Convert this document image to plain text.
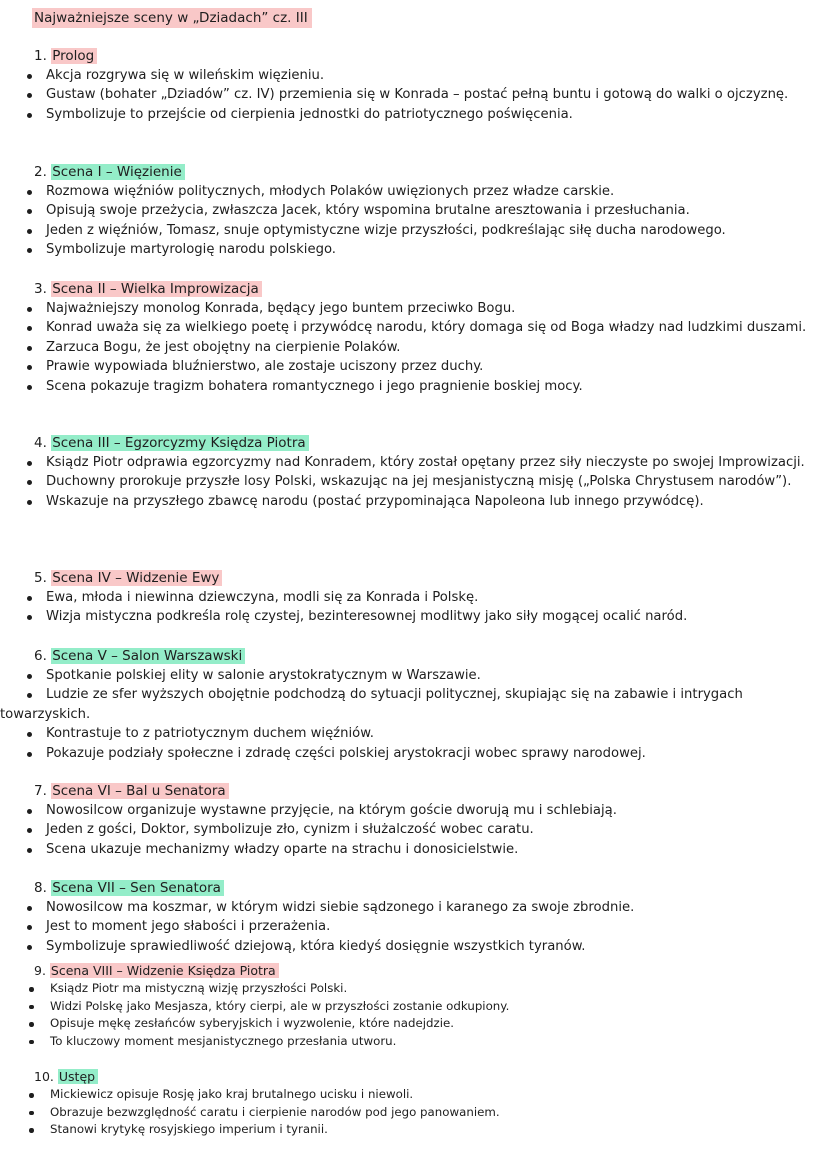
Najważniejsze sceny w „Dziadach” cz. III
1. Prolog
Akcja rozgrywa się w wileńskim więzieniu.
Gustaw (bohater „Dziadów” cz. IV) przemienia się w Konrada – postać pełną buntu i gotową do walki o ojczyznę.
Symbolizuje to przejście od cierpienia jednostki do patriotycznego poświęcenia.
2. Scena I – Więzienie
Rozmowa więźniów politycznych, młodych Polaków uwięzionych przez władze carskie.
Opisują swoje przeżycia, zwłaszcza Jacek, który wspomina brutalne aresztowania i przesłuchania.
Jeden z więźniów, Tomasz, snuje optymistyczne wizje przyszłości, podkreślając siłę ducha narodowego.
Symbolizuje martyrologię narodu polskiego.
3. Scena II – Wielka Improwizacja
Najważniejszy monolog Konrada, będący jego buntem przeciwko Bogu.
Konrad uważa się za wielkiego poetę i przywódcę narodu, który domaga się od Boga władzy nad ludzkimi duszami.
Zarzuca Bogu, że jest obojętny na cierpienie Polaków.
Prawie wypowiada bluźnierstwo, ale zostaje uciszony przez duchy.
Scena pokazuje tragizm bohatera romantycznego i jego pragnienie boskiej mocy.
4. Scena III – Egzorcyzmy Księdza Piotra
Ksiądz Piotr odprawia egzorcyzmy nad Konradem, który został opętany przez siły nieczyste po swojej Improwizacji.
Duchowny prorokuje przyszłe losy Polski, wskazując na jej mesjanistyczną misję („Polska Chrystusem narodów”).
Wskazuje na przyszłego zbawcę narodu (postać przypominająca Napoleona lub innego przywódcę).
5. Scena IV – Widzenie Ewy
Ewa, młoda i niewinna dziewczyna, modli się za Konrada i Polskę.
Wizja mistyczna podkreśla rolę czystej, bezinteresownej modlitwy jako siły mogącej ocalić naród.
6. Scena V – Salon Warszawski
Spotkanie polskiej elity w salonie arystokratycznym w Warszawie.
Ludzie ze sfer wyższych obojętnie podchodzą do sytuacji politycznej, skupiając się na zabawie i intrygach towarzyskich.
Kontrastuje to z patriotycznym duchem więźniów.
Pokazuje podziały społeczne i zdradę części polskiej arystokracji wobec sprawy narodowej.
7. Scena VI – Bal u Senatora
Nowosilcow organizuje wystawne przyjęcie, na którym goście dworują mu i schlebiają.
Jeden z gości, Doktor, symbolizuje zło, cynizm i służalczość wobec caratu.
Scena ukazuje mechanizmy władzy oparte na strachu i donosicielstwie.
8. Scena VII – Sen Senatora
Nowosilcow ma koszmar, w którym widzi siebie sądzonego i karanego za swoje zbrodnie.
Jest to moment jego słabości i przerażenia.
Symbolizuje sprawiedliwość dziejową, która kiedyś dosięgnie wszystkich tyranów.
9. Scena VIII – Widzenie Księdza Piotra
Ksiądz Piotr ma mistyczną wizję przyszłości Polski.
Widzi Polskę jako Mesjasza, który cierpi, ale w przyszłości zostanie odkupiony.
Opisuje mękę zesłańców syberyjskich i wyzwolenie, które nadejdzie.
To kluczowy moment mesjanistycznego przesłania utworu.
10. Ustęp
Mickiewicz opisuje Rosję jako kraj brutalnego ucisku i niewoli.
Obrazuje bezwzględność caratu i cierpienie narodów pod jego panowaniem.
Stanowi krytykę rosyjskiego imperium i tyranii.
